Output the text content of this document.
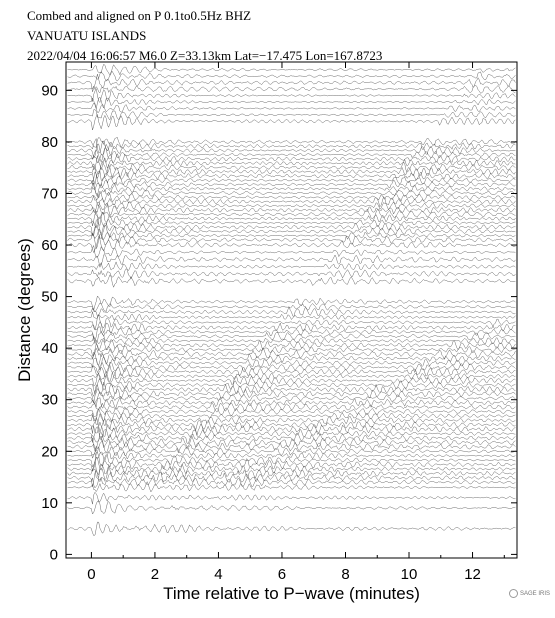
Combed and aligned on P 0.1to0.5Hz BHZ
VANUATU ISLANDS
2022/04/04 16:06:57 M6.0 Z=33.13km Lat=−17.475 Lon=167.8723
0	2	4	6	8	10	12
0
10
20
30
40
50
60
70
80
90
Time relative to P−wave (minutes)
Distance (degrees)
SAGE IRIS
